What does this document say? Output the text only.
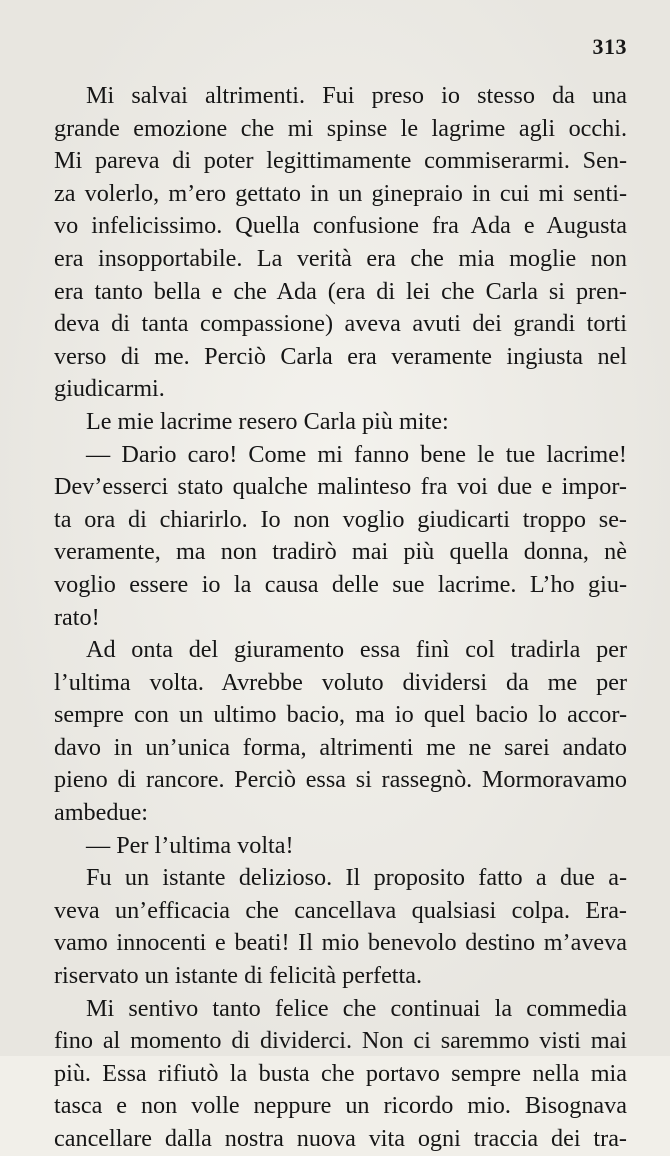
313
Mi salvai altrimenti. Fui preso io stesso da una
grande emozione che mi spinse le lagrime agli occhi.
Mi pareva di poter legittimamente commiserarmi. Sen-
za volerlo, m’ero gettato in un ginepraio in cui mi senti-
vo infelicissimo. Quella confusione fra Ada e Augusta
era insopportabile. La verità era che mia moglie non
era tanto bella e che Ada (era di lei che Carla si pren-
deva di tanta compassione) aveva avuti dei grandi torti
verso di me. Perciò Carla era veramente ingiusta nel
giudicarmi.
Le mie lacrime resero Carla più mite:
— Dario caro! Come mi fanno bene le tue lacrime!
Dev’esserci stato qualche malinteso fra voi due e impor-
ta ora di chiarirlo. Io non voglio giudicarti troppo se-
veramente, ma non tradirò mai più quella donna, nè
voglio essere io la causa delle sue lacrime. L’ho giu-
rato!
Ad onta del giuramento essa finì col tradirla per
l’ultima volta. Avrebbe voluto dividersi da me per
sempre con un ultimo bacio, ma io quel bacio lo accor-
davo in un’unica forma, altrimenti me ne sarei andato
pieno di rancore. Perciò essa si rassegnò. Mormoravamo
ambedue:
— Per l’ultima volta!
Fu un istante delizioso. Il proposito fatto a due a-
veva un’efficacia che cancellava qualsiasi colpa. Era-
vamo innocenti e beati! Il mio benevolo destino m’aveva
riservato un istante di felicità perfetta.
Mi sentivo tanto felice che continuai la commedia
fino al momento di dividerci. Non ci saremmo visti mai
più. Essa rifiutò la busta che portavo sempre nella mia
tasca e non volle neppure un ricordo mio. Bisognava
cancellare dalla nostra nuova vita ogni traccia dei tra-
